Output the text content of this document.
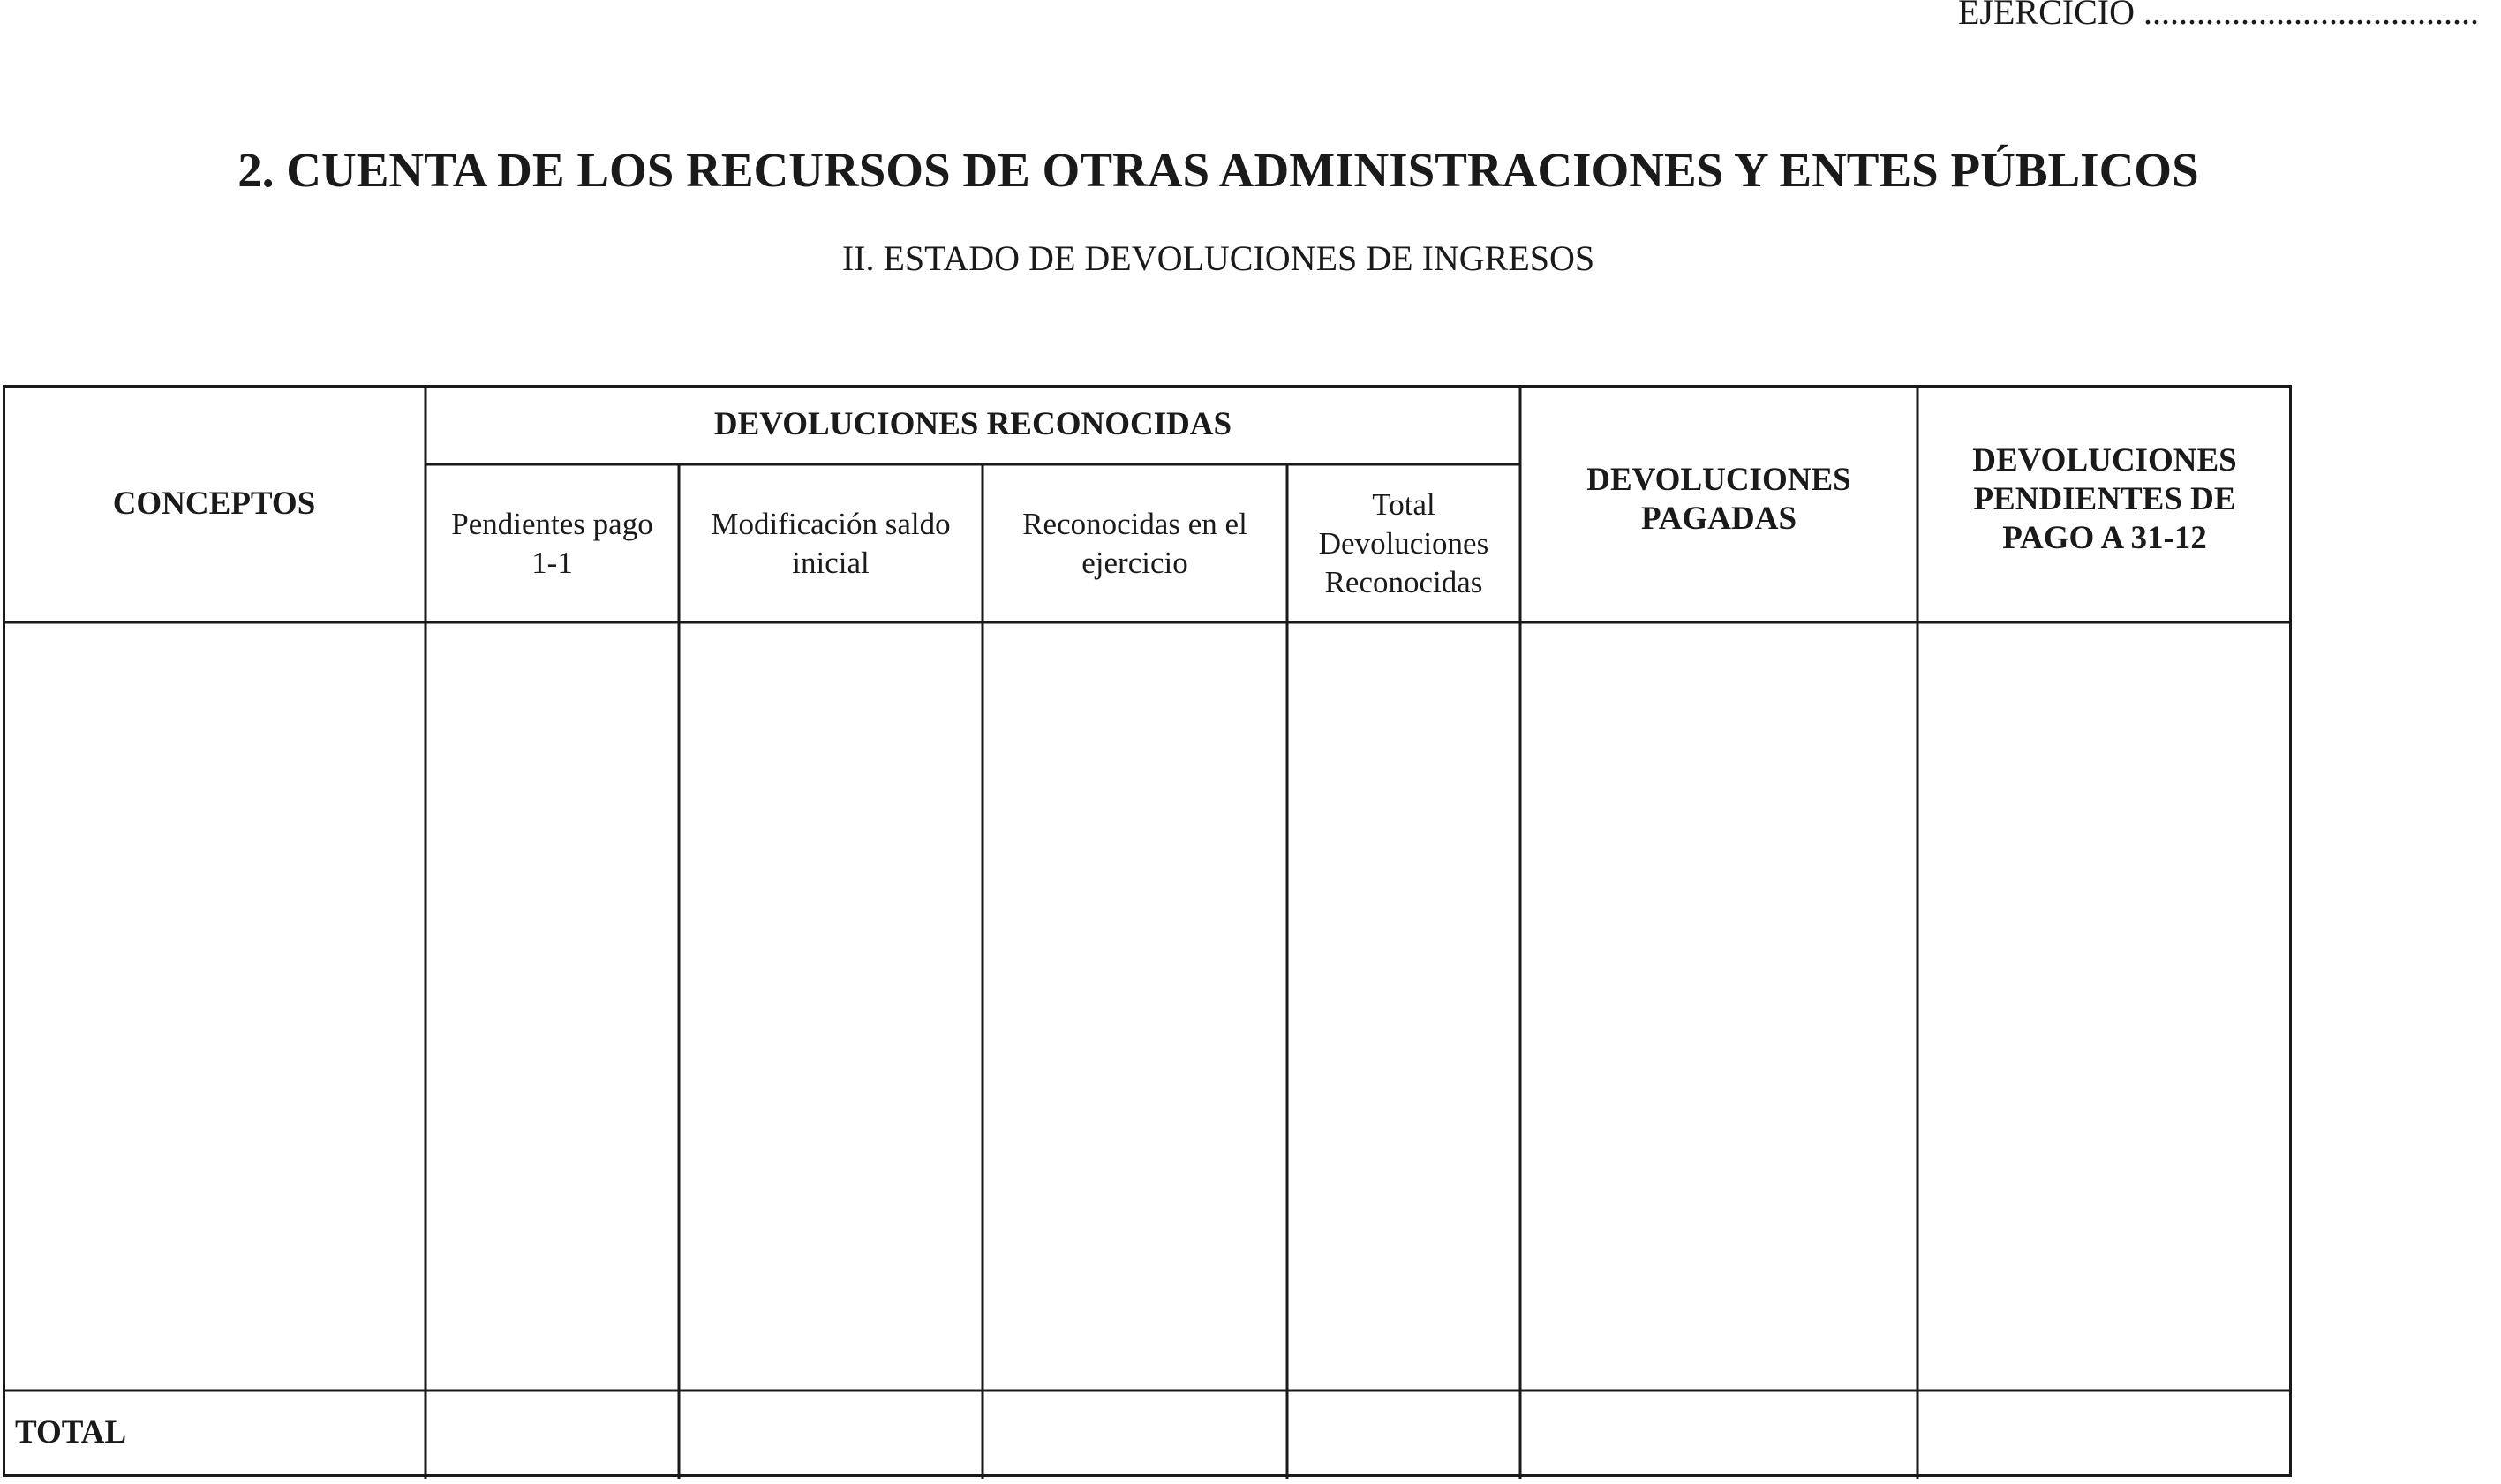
EJERCICIO ......................................
2. CUENTA DE LOS RECURSOS DE OTRAS ADMINISTRACIONES Y ENTES PÚBLICOS
II. ESTADO DE DEVOLUCIONES DE INGRESOS
CONCEPTOS
DEVOLUCIONES RECONOCIDAS
Pendientes pago
1-1
Modificación saldo
inicial
Reconocidas en el
ejercicio
Total
Devoluciones
Reconocidas
DEVOLUCIONES
PAGADAS
DEVOLUCIONES
PENDIENTES DE
PAGO A 31-12
TOTAL
